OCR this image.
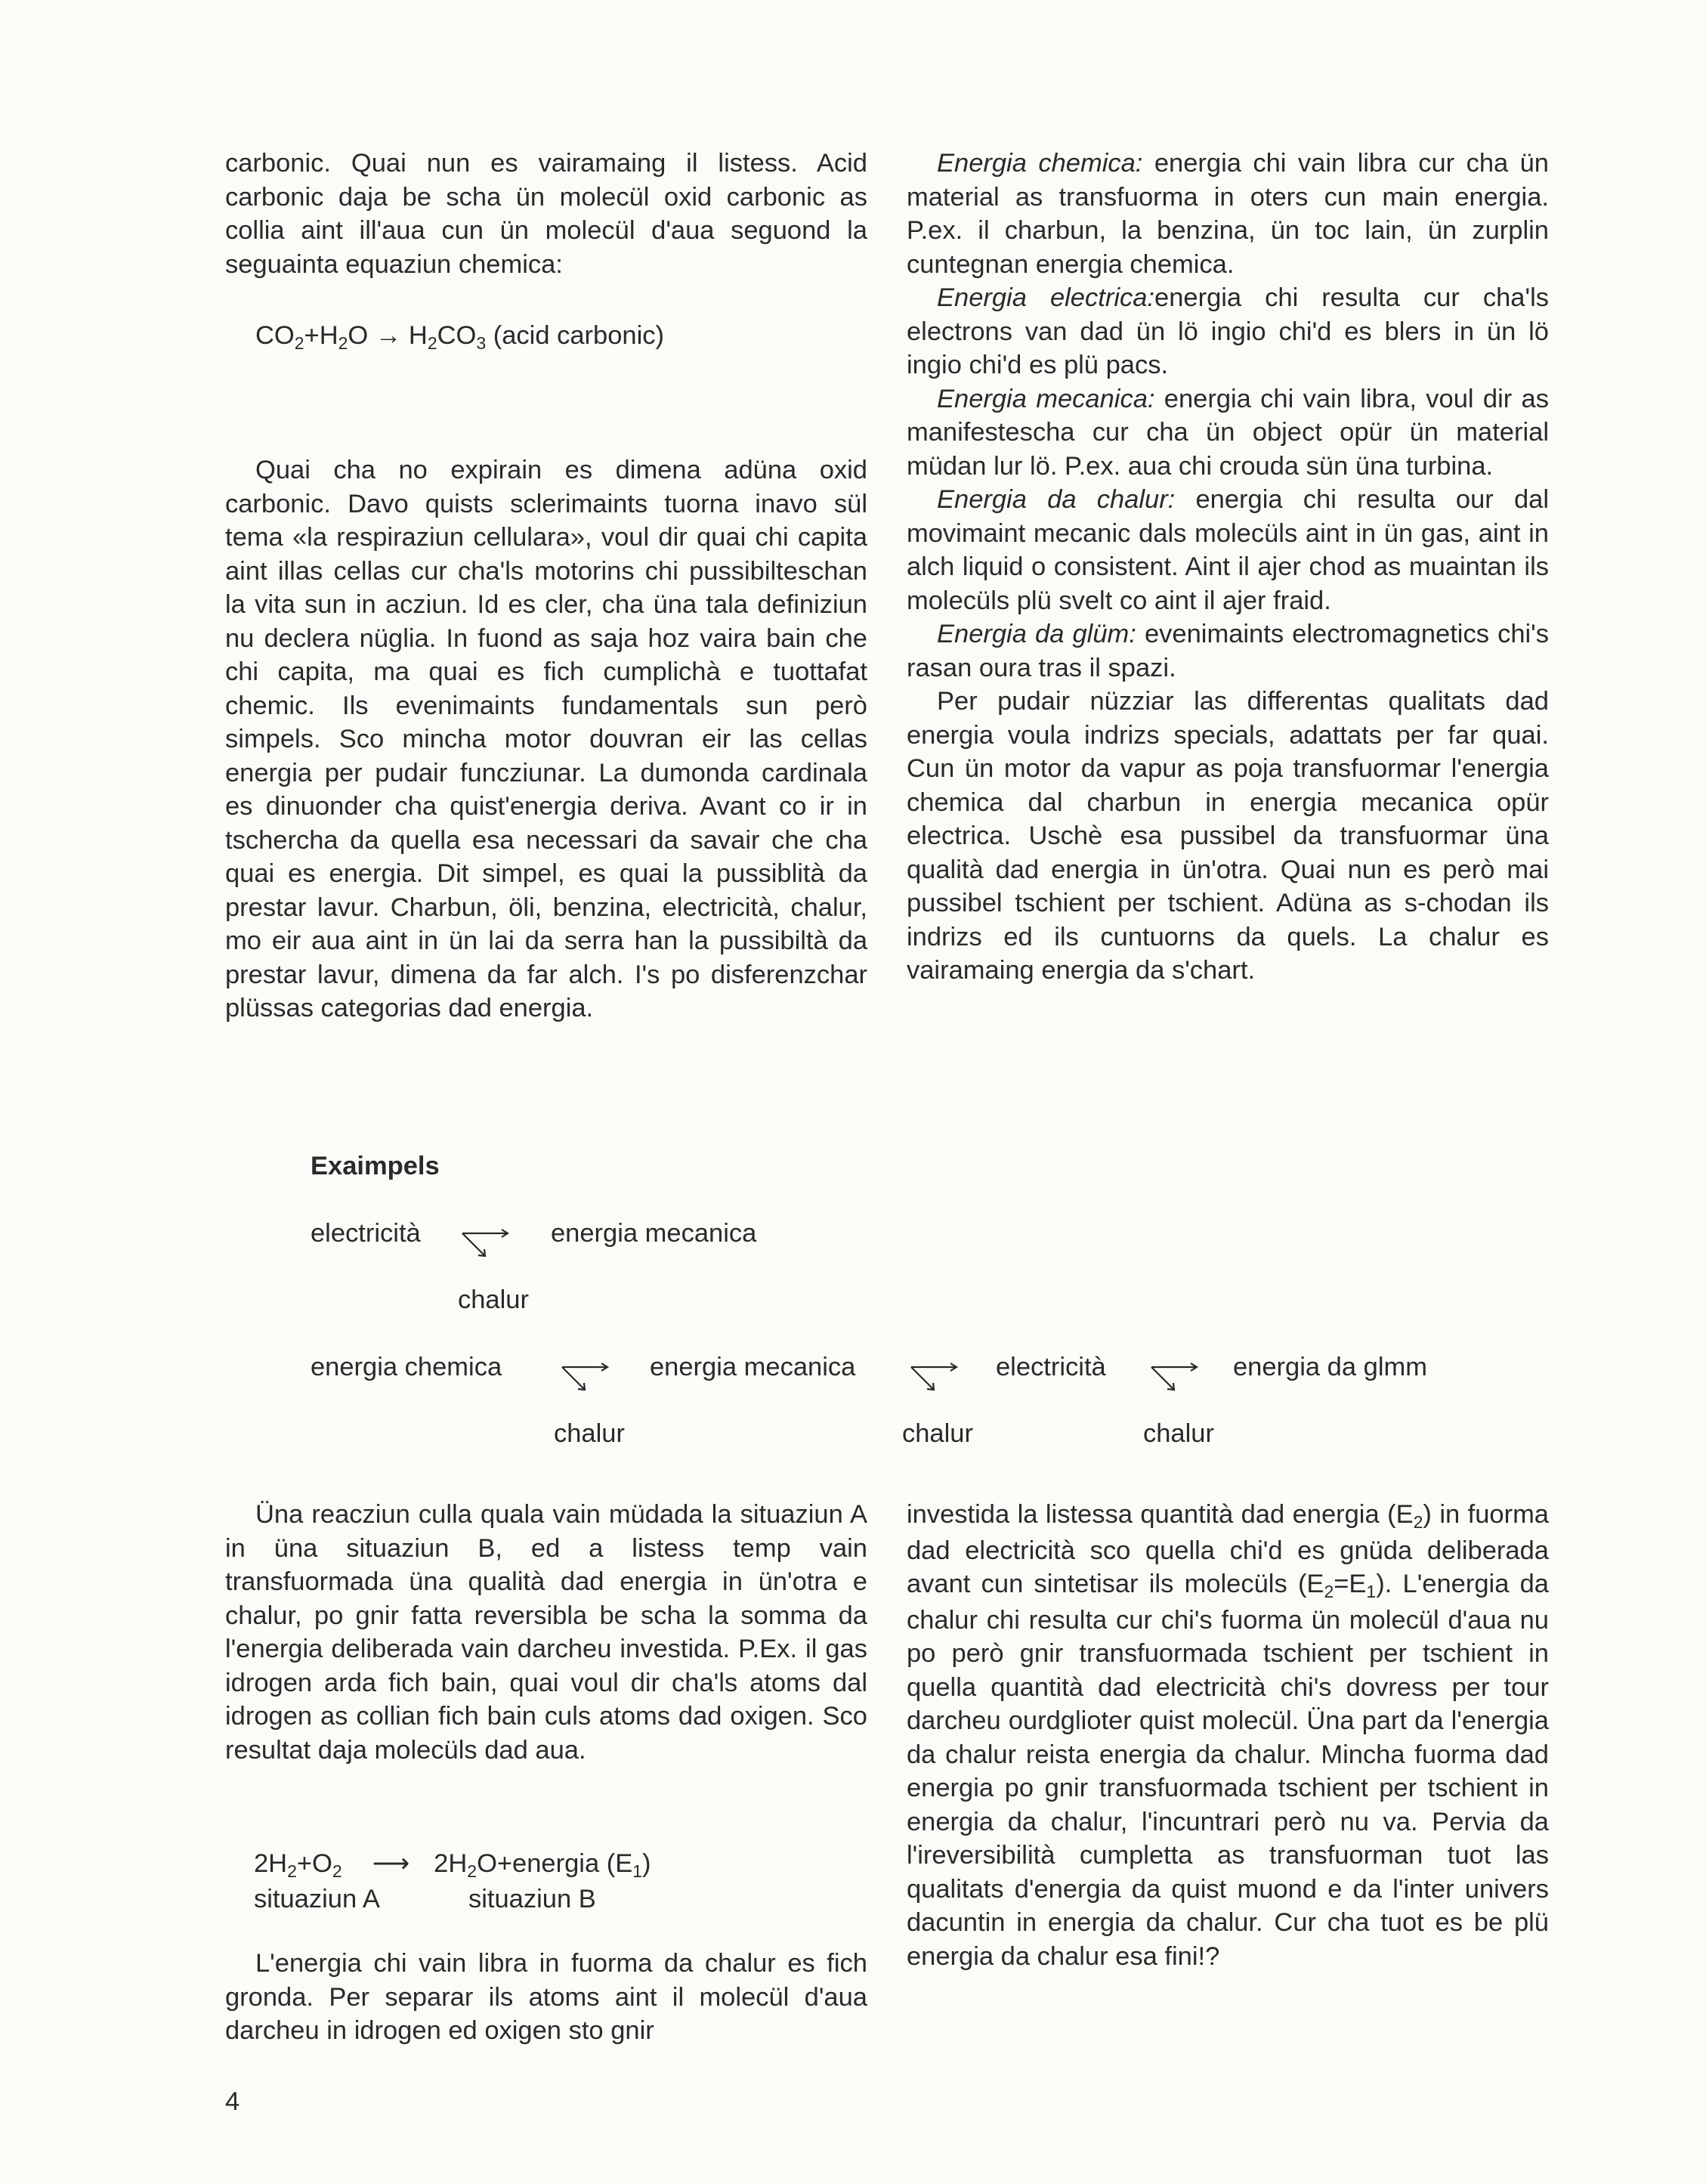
carbonic. Quai nun es vairamaing il listess. Acid carbonic daja be scha ün molecül oxid carbonic as collia aint ill'aua cun ün molecül d'aua seguond la seguainta equaziun chemica:

$CO_2+H_2O \to H_2CO_3$ (acid carbonic)

Quai cha no expirain es dimena adüna oxid carbonic. Davo quists sclerimaints tuorna inavo sül tema «la respiraziun cellulara», voul dir quai chi capita aint illas cellas cur cha'ls motorins chi pussibilteschan la vita sun in acziun. Id es cler, cha üna tala definiziun nu declera nüglia. In fuond as saja hoz vaira bain che chi capita, ma quai es fich cumplichà e tuottafat chemic. Ils evenimaints fundamentals sun però simpels. Sco mincha motor douvran eir las cellas energia per pudair funcziunar. La dumonda cardinala es dinuonder cha quist'energia deriva. Avant co ir in tschercha da quella esa necessari da savair che cha quai es energia. Dit simpel, es quai la pussiblità da prestar lavur. Charbun, öli, benzina, electricità, chalur, mo eir aua aint in ün lai da serra han la pussibiltà da prestar lavur, dimena da far alch. I's po disferenzchar plüssas categorias dad energia.

Energia chemica: energia chi vain libra cur cha ün material as transfuorma in oters cun main energia. P.ex. il charbun, la benzina, ün toc lain, ün zurplin cuntegnan energia chemica.

Energia electrica:energia chi resulta cur cha'ls electrons van dad ün lö ingio chi'd es blers in ün lö ingio chi'd es plü pacs.

Energia mecanica: energia chi vain libra, voul dir as manifestescha cur cha ün object opür ün material müdan lur lö. P.ex. aua chi crouda sün üna turbina.

Energia da chalur: energia chi resulta our dal movimaint mecanic dals molecüls aint in ün gas, aint in alch liquid o consistent. Aint il ajer chod as muaintan ils molecüls plü svelt co aint il ajer fraid.

Energia da glüm: evenimaints electromagnetics chi's rasan oura tras il spazi.

Per pudair nüzziar las differentas qualitats dad energia voula indrizs specials, adattats per far quai. Cun ün motor da vapur as poja transfuormar l'energia chemica dal charbun in energia mecanica opür electrica. Uschè esa pussibel da transfuormar üna qualità dad energia in ün'otra. Quai nun es però mai pussibel tschient per tschient. Adüna as s-chodan ils indrizs ed ils cuntuorns da quels. La chalur es vairamaing energia da s'chart.

Exaimpels
electricità	energia mecanica
chalur
energia chemica	energia mecanica	electricità	energia da glmm
chalur	chalur	chalur

Üna reacziun culla quala vain müdada la situaziun A in üna situaziun B, ed a listess temp vain transfuormada üna qualità dad energia in ün'otra e chalur, po gnir fatta reversibla be scha la somma da l'energia deliberada vain darcheu investida. P.Ex. il gas idrogen arda fich bain, quai voul dir cha'ls atoms dal idrogen as collian fich bain culs atoms dad oxigen. Sco resultat daja molecüls dad aua.

$2H_2+O_2$ ⟶ $2H_2O+energia$ $(E_1)$
situaziun A	situaziun B

L'energia chi vain libra in fuorma da chalur es fich gronda. Per separar ils atoms aint il molecül d'aua darcheu in idrogen ed oxigen sto gnir

investida la listessa quantità dad energia $(E_2)$ in fuorma dad electricità sco quella chi'd es gnüda deliberada avant cun sintetisar ils molecüls $(E_2=E_1)$. L'energia da chalur chi resulta cur chi's fuorma ün molecül d'aua nu po però gnir transfuormada tschient per tschient in quella quantità dad electricità chi's dovress per tour darcheu ourdglioter quist molecül. Üna part da l'energia da chalur reista energia da chalur. Mincha fuorma dad energia po gnir transfuormada tschient per tschient in energia da chalur, l'incuntrari però nu va. Pervia da l'ireversibilità cumpletta as transfuorman tuot las qualitats d'energia da quist muond e da l'inter univers dacuntin in energia da chalur. Cur cha tuot es be plü energia da chalur esa fini!?

4
